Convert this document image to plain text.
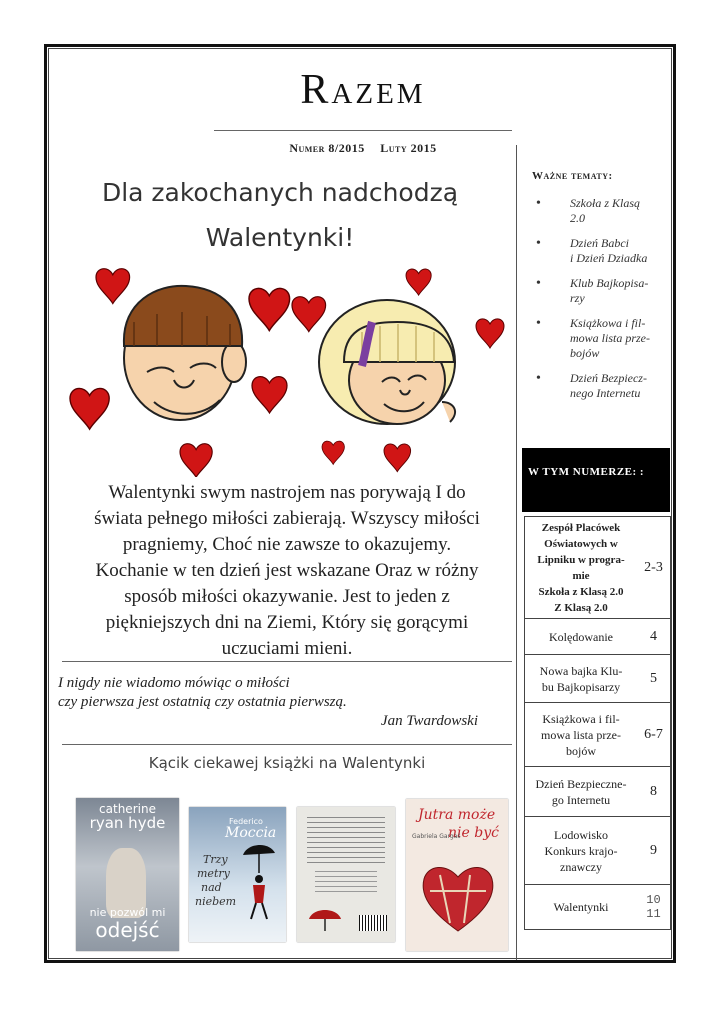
Razem
Numer 8/2015 Luty 2015
Dla zakochanych nadchodzą
Walentynki!
Walentynki swym nastrojem nas porywają I do
świata pełnego miłości zabierają. Wszyscy miłości
pragniemy, Choć nie zawsze to okazujemy.
Kochanie w ten dzień jest wskazane Oraz w różny
sposób miłości okazywanie. Jest to jeden z
piękniejszych dni na Ziemi, Który się gorącymi
uczuciami mieni.
I nigdy nie wiadomo mówiąc o miłości
czy pierwsza jest ostatnią czy ostatnia pierwszą.
Jan Twardowski
Kącik ciekawej książki na Walentynki
catherine
ryan hyde
nie pozwól mi
odejść
Federico
Moccia
Trzy
metry
nad
niebem
Jutra może
nie być
Gabriela Gargaś
Ważne tematy:
• Szkoła z Klasą
2.0
• Dzień Babci
i Dzień Dziadka
• Klub Bajkopisa-
rzy
• Książkowa i fil-
mowa lista prze-
bojów
• Dzień Bezpiecz-
nego Internetu
W TYM NUMERZE: :
Zespół Placówek
Oświatowych w
Lipniku w progra-
mie
Szkoła z Klasą 2.0
Z Klasą 2.0
2-3
Kolędowanie	4
Nowa bajka Klu-
bu Bajkopisarzy
5
Książkowa i fil-
mowa lista prze-
bojów
6-7
Dzień Bezpieczne-
go Internetu
8
Lodowisko
Konkurs krajo-
znawczy
9
Walentynki	10
11
